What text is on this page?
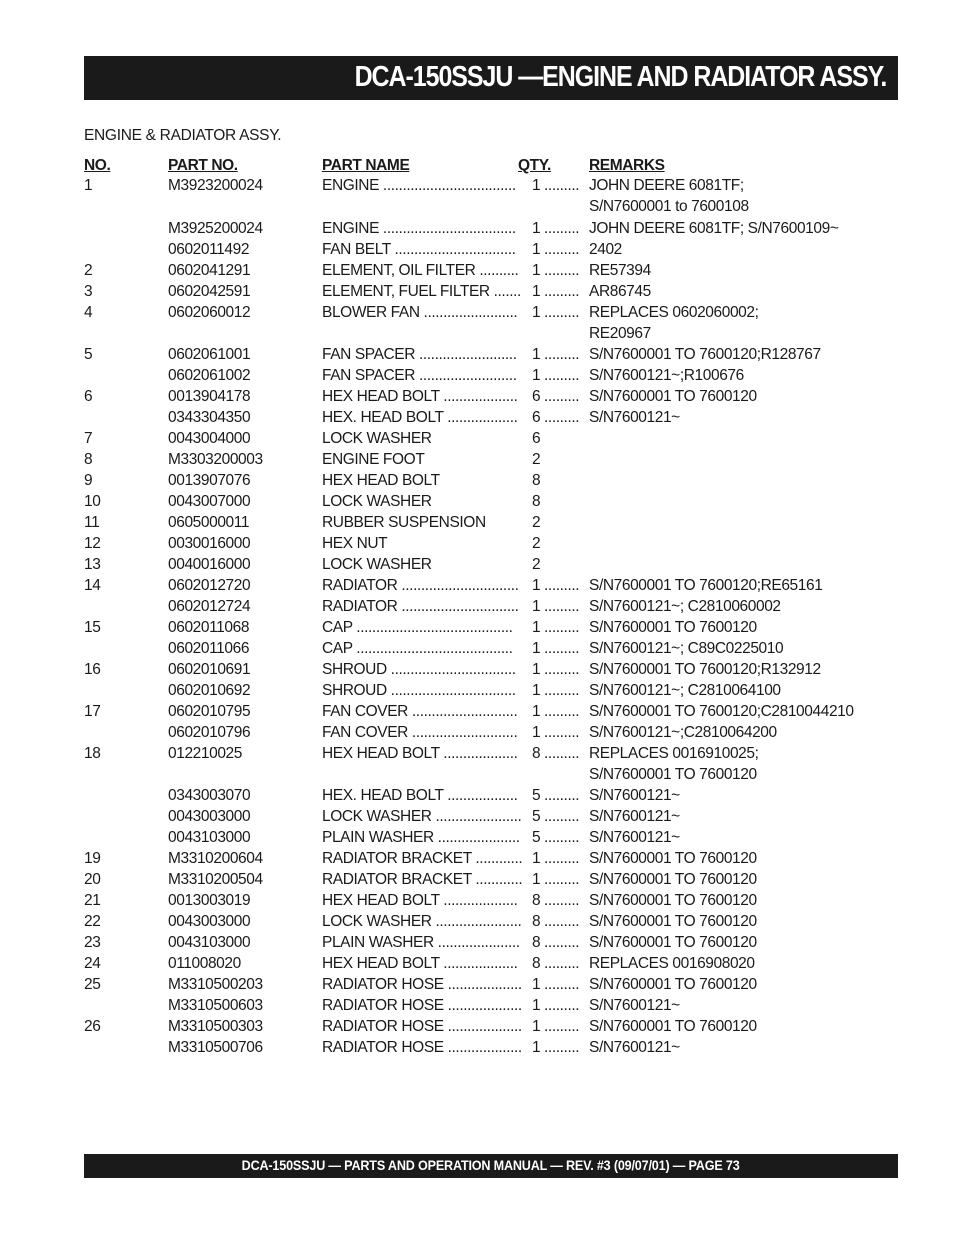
DCA-150SSJU —ENGINE AND RADIATOR ASSY.
ENGINE & RADIATOR ASSY.
NO.	PART NO.	PART NAME	QTY. REMARKS
1	M3923200024	ENGINE ..................................	1 ......... JOHN DEERE 6081TF;
S/N7600001 to 7600108
M3925200024	ENGINE ..................................	1 ......... JOHN DEERE 6081TF; S/N7600109~
0602011492	FAN BELT ...............................	1 ......... 2402
2	0602041291	ELEMENT, OIL FILTER .......... 1 ......... RE57394
3	0602042591	ELEMENT, FUEL FILTER ....... 1 ......... AR86745
4	0602060012	BLOWER FAN ........................ 1 ......... REPLACES 0602060002;
RE20967
5	0602061001	FAN SPACER ......................... 1 ......... S/N7600001 TO 7600120;R128767
0602061002	FAN SPACER ......................... 1 ......... S/N7600121~;R100676
6	0013904178	HEX HEAD BOLT ................... 6 ......... S/N7600001 TO 7600120
0343304350	HEX. HEAD BOLT .................. 6 ......... S/N7600121~
7	0043004000	LOCK WASHER	6
8	M3303200003	ENGINE FOOT	2
9	0013907076	HEX HEAD BOLT	8
10	0043007000	LOCK WASHER	8
11	0605000011	RUBBER SUSPENSION	2
12	0030016000	HEX NUT	2
13	0040016000	LOCK WASHER	2
14	0602012720	RADIATOR .............................. 1 ......... S/N7600001 TO 7600120;RE65161
0602012724	RADIATOR .............................. 1 ......... S/N7600121~; C2810060002
15	0602011068	CAP ........................................	1 ......... S/N7600001 TO 7600120
0602011066	CAP ........................................	1 ......... S/N7600121~; C89C0225010
16	0602010691	SHROUD ................................	1 ......... S/N7600001 TO 7600120;R132912
0602010692	SHROUD ................................	1 ......... S/N7600121~; C2810064100
17	0602010795	FAN COVER ........................... 1 ......... S/N7600001 TO 7600120;C2810044210
0602010796	FAN COVER ........................... 1 ......... S/N7600121~;C2810064200
18	012210025	HEX HEAD BOLT ................... 8 ......... REPLACES 0016910025;
S/N7600001 TO 7600120
0343003070	HEX. HEAD BOLT .................. 5 ......... S/N7600121~
0043003000	LOCK WASHER ...................... 5 ......... S/N7600121~
0043103000	PLAIN WASHER ..................... 5 ......... S/N7600121~
19	M3310200604	RADIATOR BRACKET ............ 1 ......... S/N7600001 TO 7600120
20	M3310200504	RADIATOR BRACKET ............ 1 ......... S/N7600001 TO 7600120
21	0013003019	HEX HEAD BOLT ................... 8 ......... S/N7600001 TO 7600120
22	0043003000	LOCK WASHER ...................... 8 ......... S/N7600001 TO 7600120
23	0043103000	PLAIN WASHER ..................... 8 ......... S/N7600001 TO 7600120
24	011008020	HEX HEAD BOLT ................... 8 ......... REPLACES 0016908020
25	M3310500203	RADIATOR HOSE ................... 1 ......... S/N7600001 TO 7600120
M3310500603	RADIATOR HOSE ................... 1 ......... S/N7600121~
26	M3310500303	RADIATOR HOSE ................... 1 ......... S/N7600001 TO 7600120
M3310500706	RADIATOR HOSE ................... 1 ......... S/N7600121~
DCA-150SSJU — PARTS AND OPERATION MANUAL — REV. #3 (09/07/01) — PAGE 73
